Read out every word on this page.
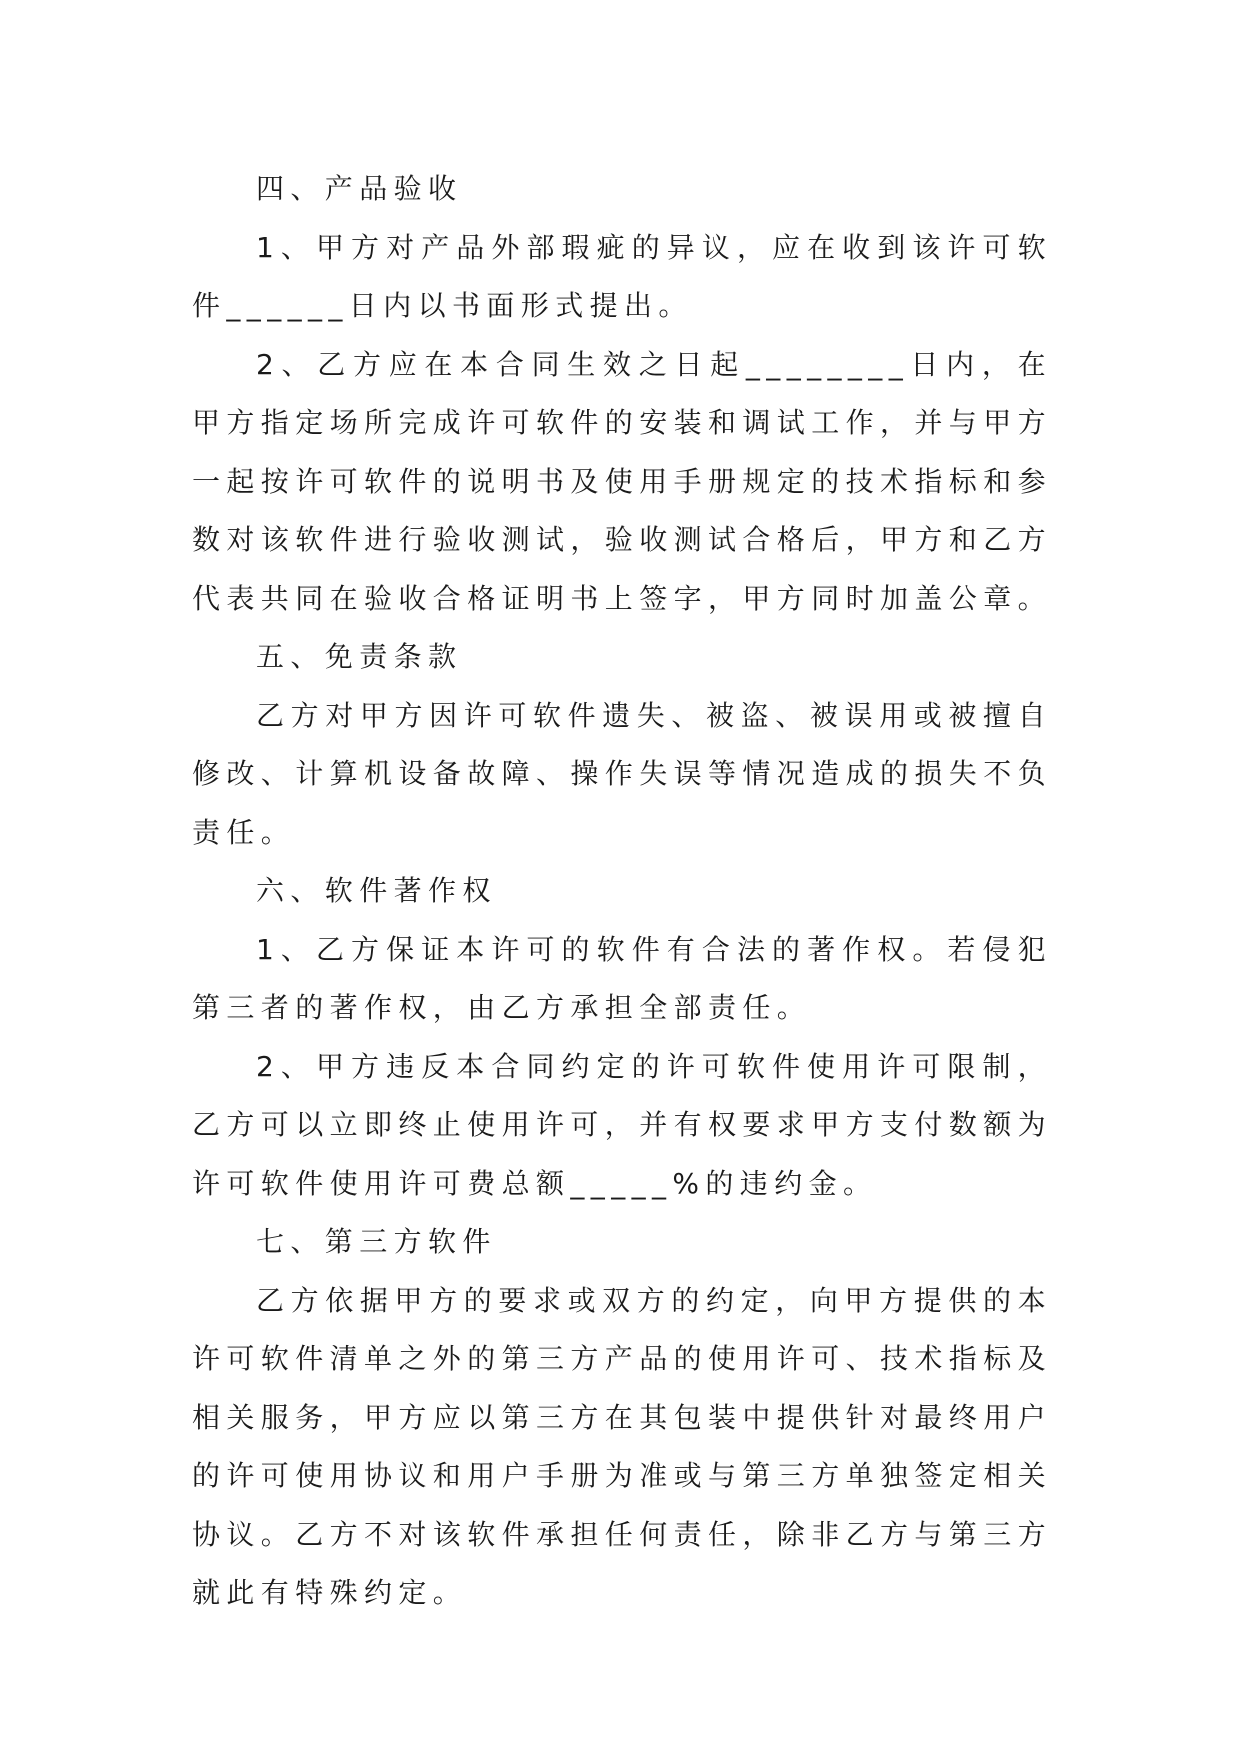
四、产品验收

1、甲方对产品外部瑕疵的异议，应在收到该许可软件______日内以书面形式提出。

2、乙方应在本合同生效之日起________日内，在甲方指定场所完成许可软件的安装和调试工作，并与甲方一起按许可软件的说明书及使用手册规定的技术指标和参数对该软件进行验收测试，验收测试合格后，甲方和乙方代表共同在验收合格证明书上签字，甲方同时加盖公章。

五、免责条款

乙方对甲方因许可软件遗失、被盗、被误用或被擅自修改、计算机设备故障、操作失误等情况造成的损失不负责任。

六、软件著作权

1、乙方保证本许可的软件有合法的著作权。若侵犯第三者的著作权，由乙方承担全部责任。

2、甲方违反本合同约定的许可软件使用许可限制，乙方可以立即终止使用许可，并有权要求甲方支付数额为许可软件使用许可费总额_____%的违约金。

七、第三方软件

乙方依据甲方的要求或双方的约定，向甲方提供的本许可软件清单之外的第三方产品的使用许可、技术指标及相关服务，甲方应以第三方在其包装中提供针对最终用户的许可使用协议和用户手册为准或与第三方单独签定相关协议。乙方不对该软件承担任何责任，除非乙方与第三方就此有特殊约定。
